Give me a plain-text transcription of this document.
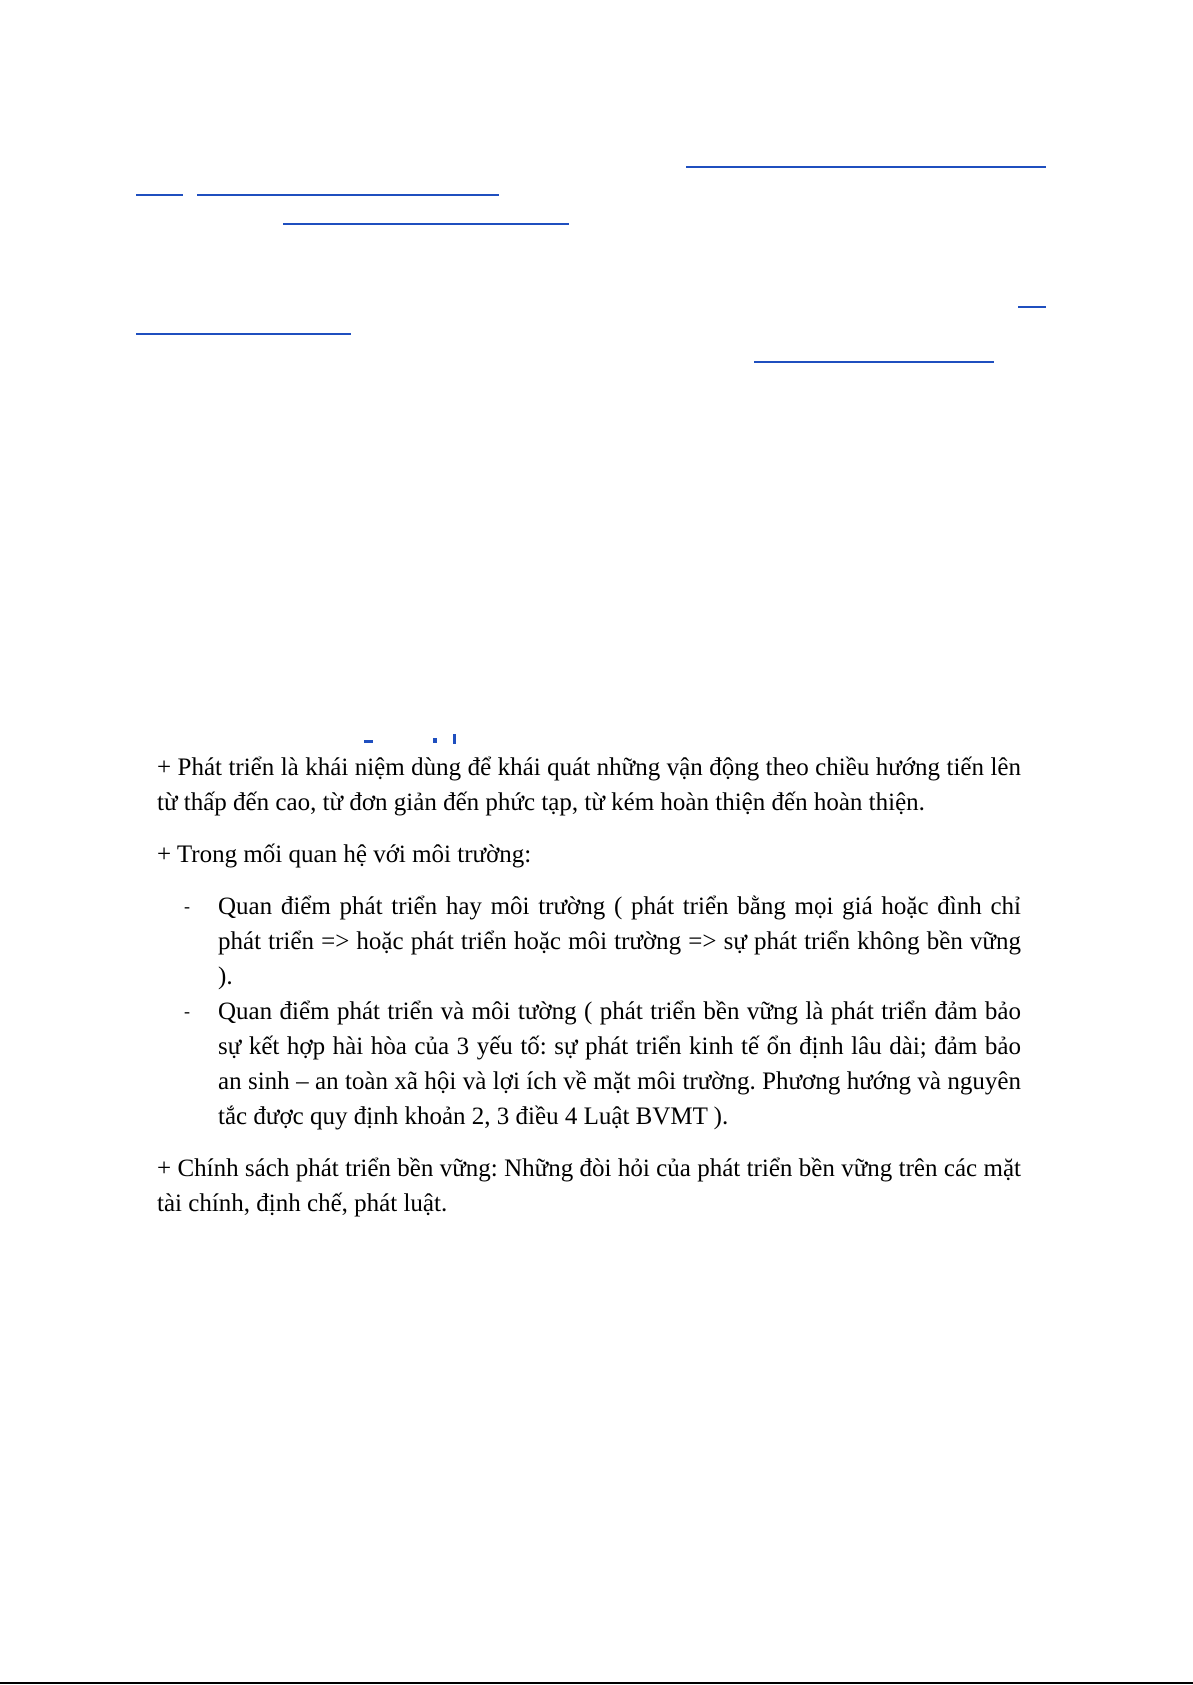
+ Phát triển là khái niệm dùng để khái quát những vận động theo chiều hướng tiến lên từ thấp đến cao, từ đơn giản đến phức tạp, từ kém hoàn thiện đến hoàn thiện.

+ Trong mối quan hệ với môi trường:

- Quan điểm phát triển hay môi trường ( phát triển bằng mọi giá hoặc đình chỉ phát triển => hoặc phát triển hoặc môi trường => sự phát triển không bền vững ).
- Quan điểm phát triển và môi tường ( phát triển bền vững là phát triển đảm bảo sự kết hợp hài hòa của 3 yếu tố: sự phát triển kinh tế ổn định lâu dài; đảm bảo an sinh – an toàn xã hội và lợi ích về mặt môi trường. Phương hướng và nguyên tắc được quy định khoản 2, 3 điều 4 Luật BVMT ).

+ Chính sách phát triển bền vững: Những đòi hỏi của phát triển bền vững trên các mặt tài chính, định chế, phát luật.
